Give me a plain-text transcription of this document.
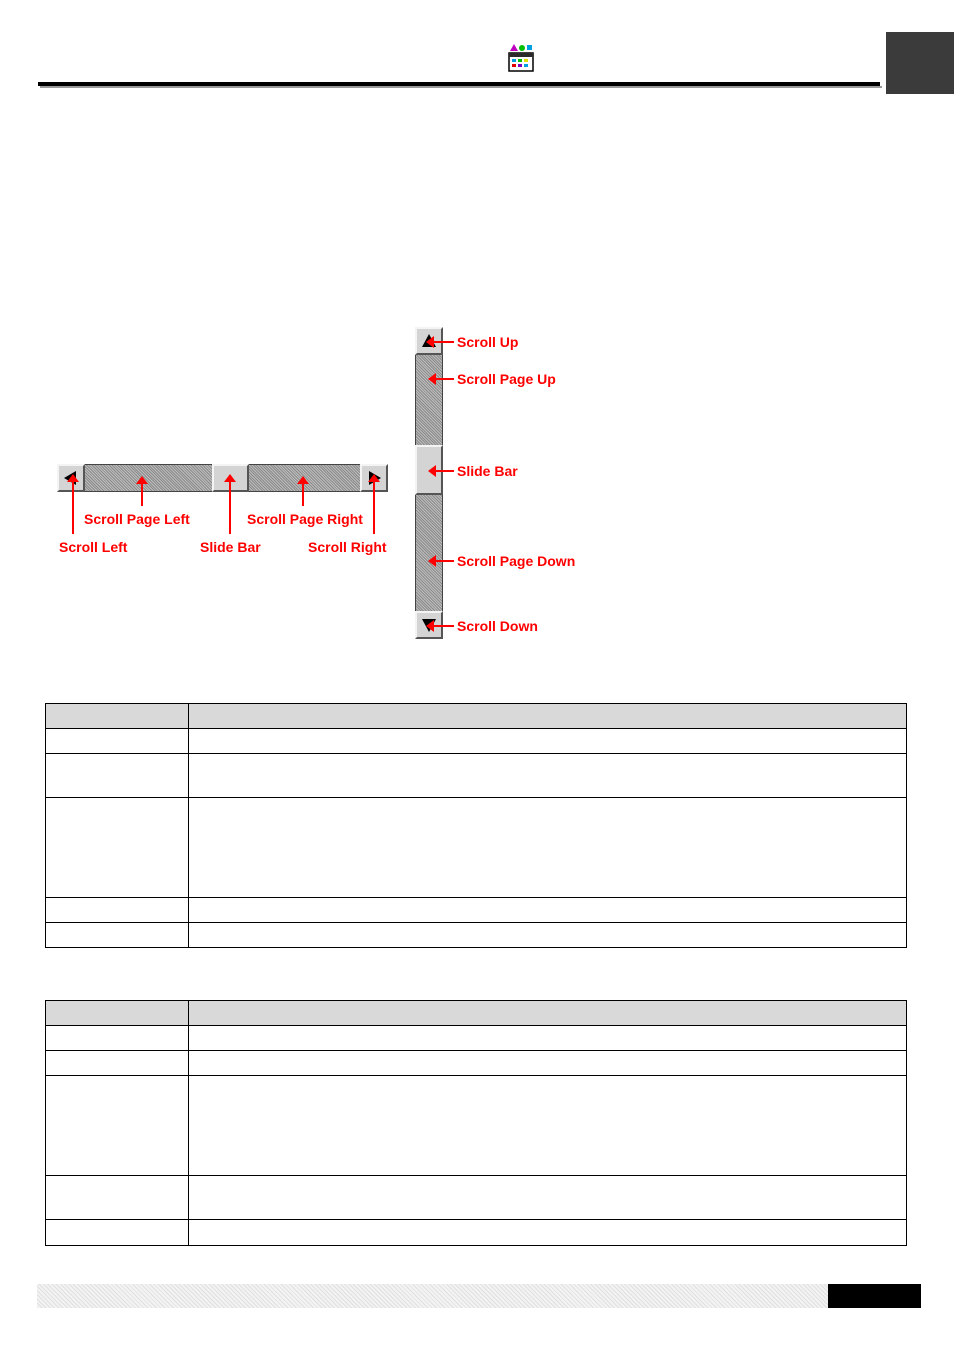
Scroll Page Left	Scroll Page Right
Scroll Left	Slide Bar	Scroll Right
Scroll Up
Scroll Page Up
Slide Bar
Scroll Page Down
Scroll Down
